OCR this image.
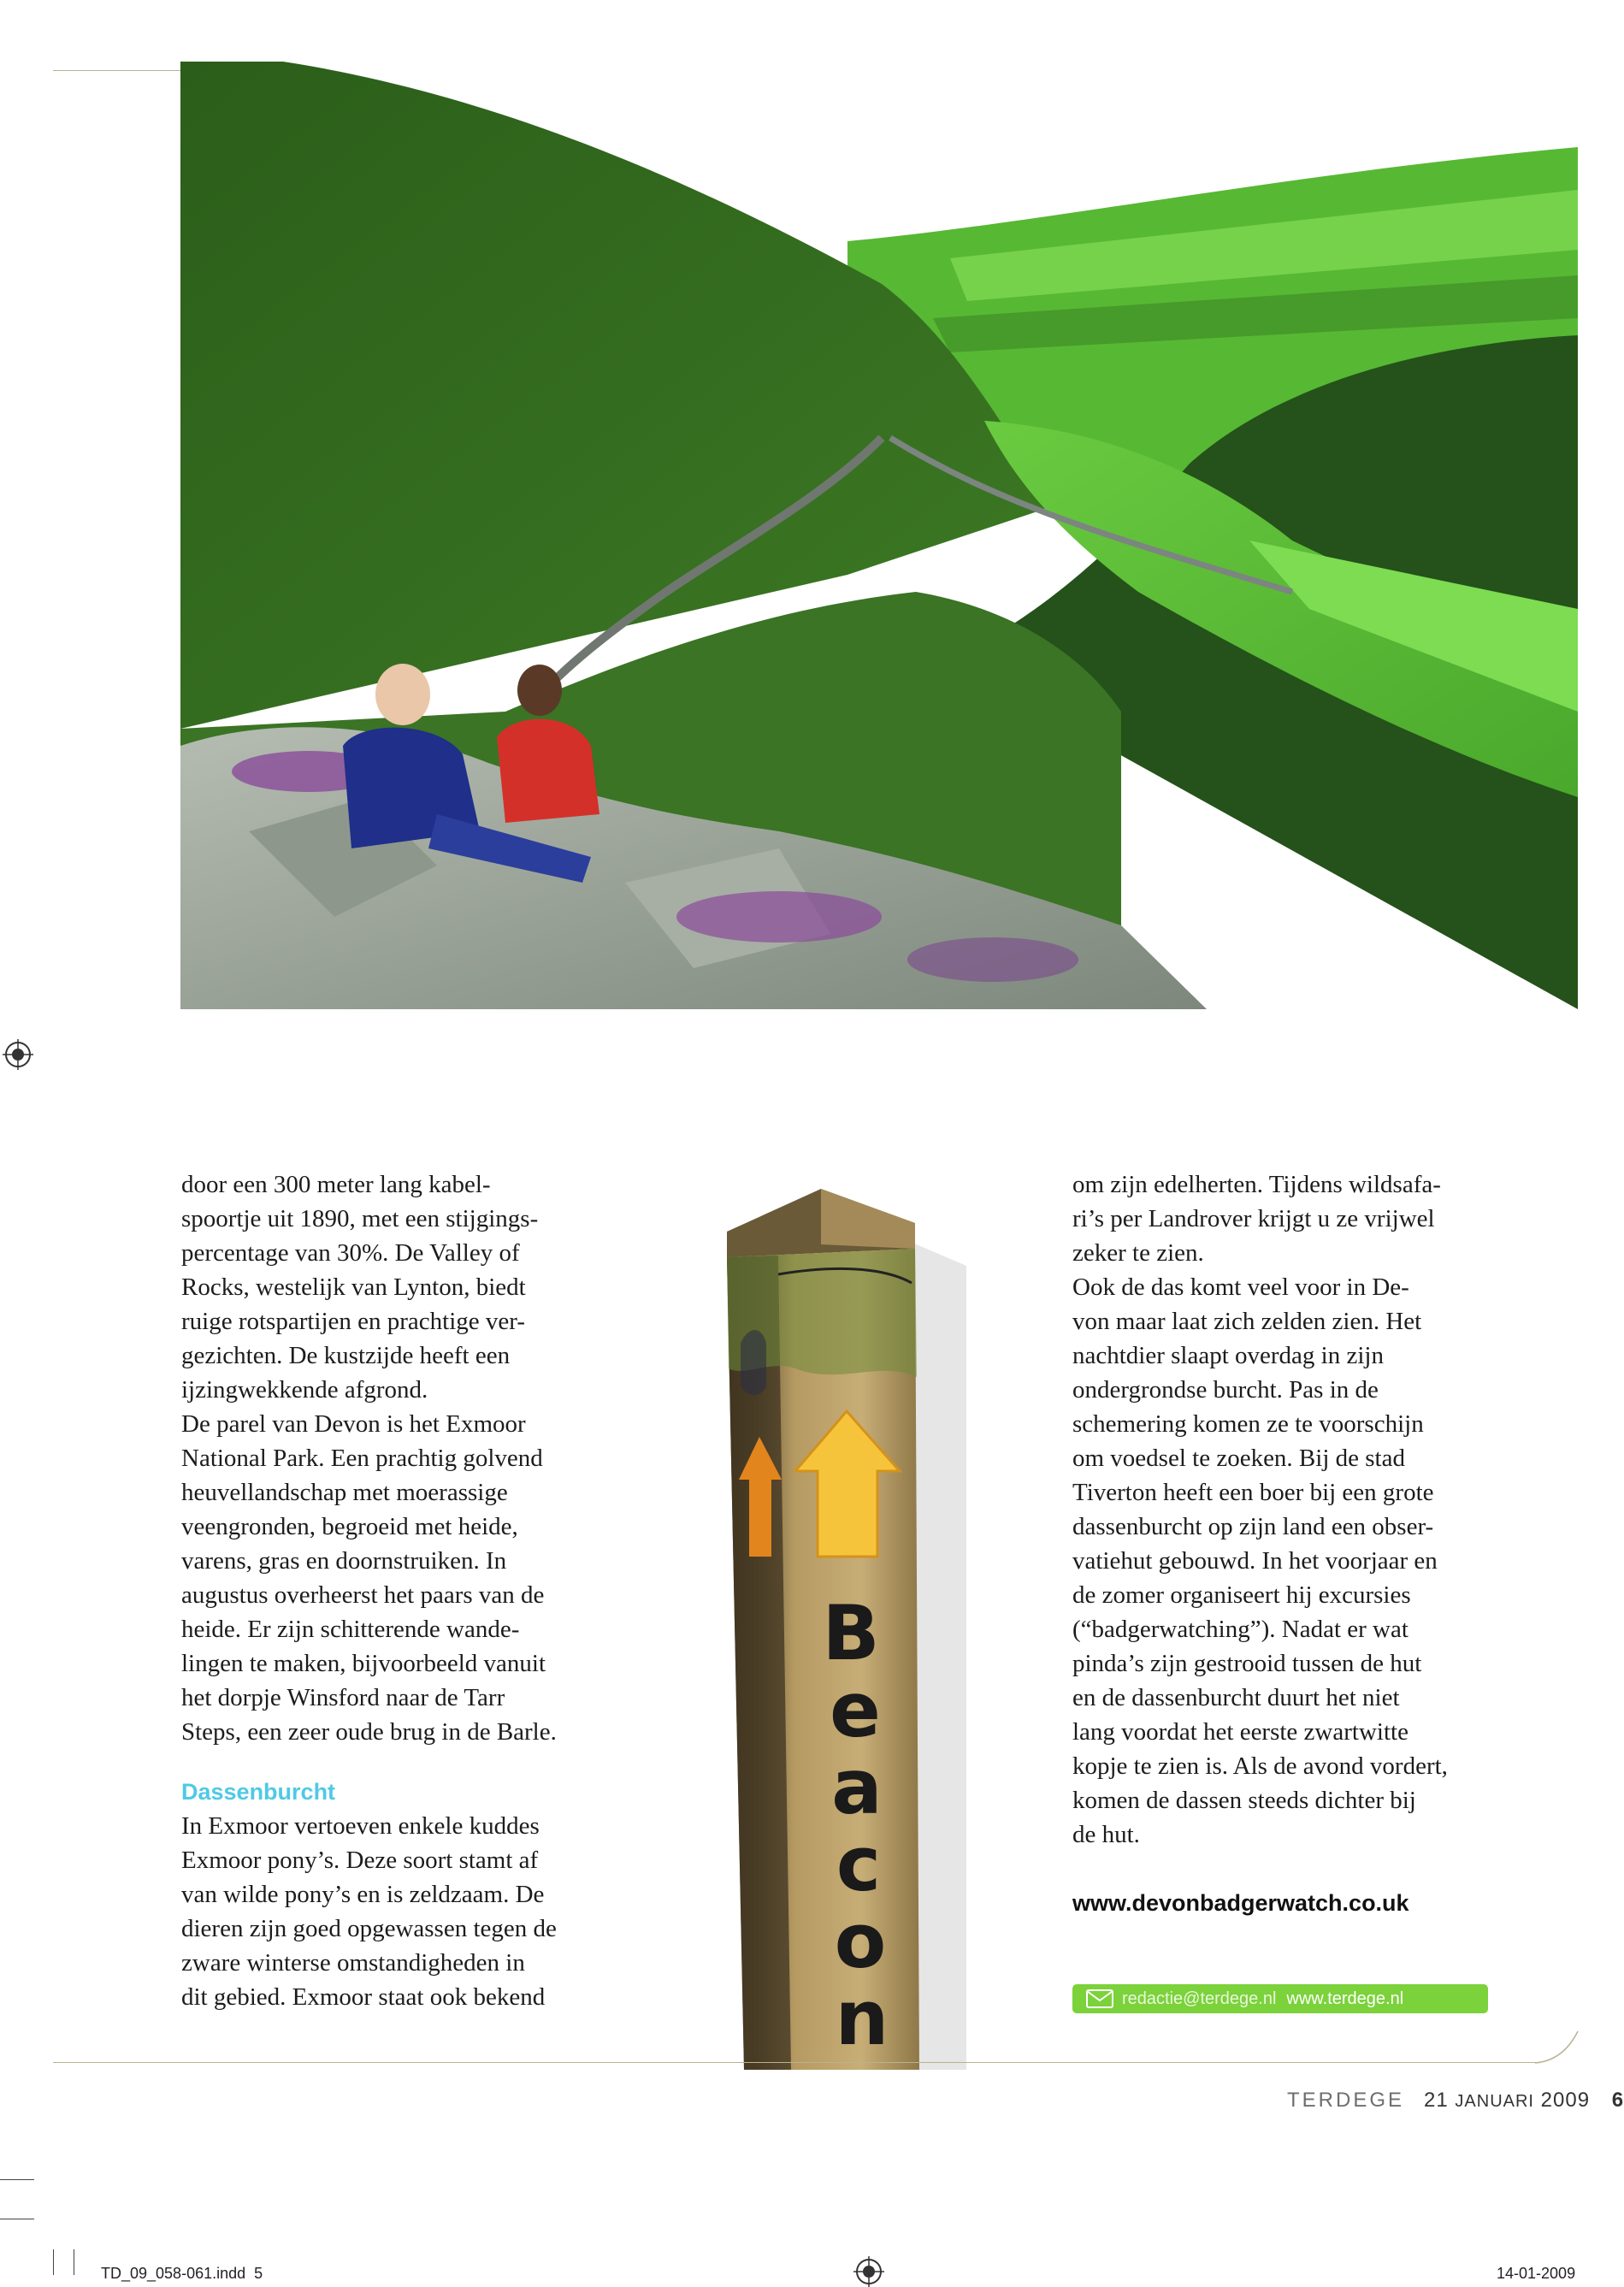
door een 300 meter lang kabel-
spoortje uit 1890, met een stijgings-
percentage van 30%. De Valley of
Rocks, westelijk van Lynton, biedt
ruige rotspartijen en prachtige ver-
gezichten. De kustzijde heeft een
ijzingwekkende afgrond.

De parel van Devon is het Exmoor
National Park. Een prachtig golvend
heuvellandschap met moerassige
veengronden, begroeid met heide,
varens, gras en doornstruiken. In
augustus overheerst het paars van de
heide. Er zijn schitterende wande-
lingen te maken, bijvoorbeeld vanuit
het dorpje Winsford naar de Tarr
Steps, een zeer oude brug in de Barle.

Dassenburcht

In Exmoor vertoeven enkele kuddes
Exmoor pony’s. Deze soort stamt af
van wilde pony’s en is zeldzaam. De
dieren zijn goed opgewassen tegen de
zware winterse omstandigheden in
dit gebied. Exmoor staat ook bekend

B
e
a
c
o
n

om zijn edelherten. Tijdens wildsafa-
ri’s per Landrover krijgt u ze vrijwel
zeker te zien.

Ook de das komt veel voor in De-
von maar laat zich zelden zien. Het
nachtdier slaapt overdag in zijn
ondergrondse burcht. Pas in de
schemering komen ze te voorschijn
om voedsel te zoeken. Bij de stad
Tiverton heeft een boer bij een grote
dassenburcht op zijn land een obser-
vatiehut gebouwd. In het voorjaar en
de zomer organiseert hij excursies
(“badgerwatching”). Nadat er wat
pinda’s zijn gestrooid tussen de hut
en de dassenburcht duurt het niet
lang voordat het eerste zwartwitte
kopje te zien is. Als de avond vordert,
komen de dassen steeds dichter bij
de hut.

www.devonbadgerwatch.co.uk

redactie@terdege.nl www.terdege.nl
TERDEGE 21 JANUARI 2009 6
TD_09_058-061.indd 5	14-01-2009
